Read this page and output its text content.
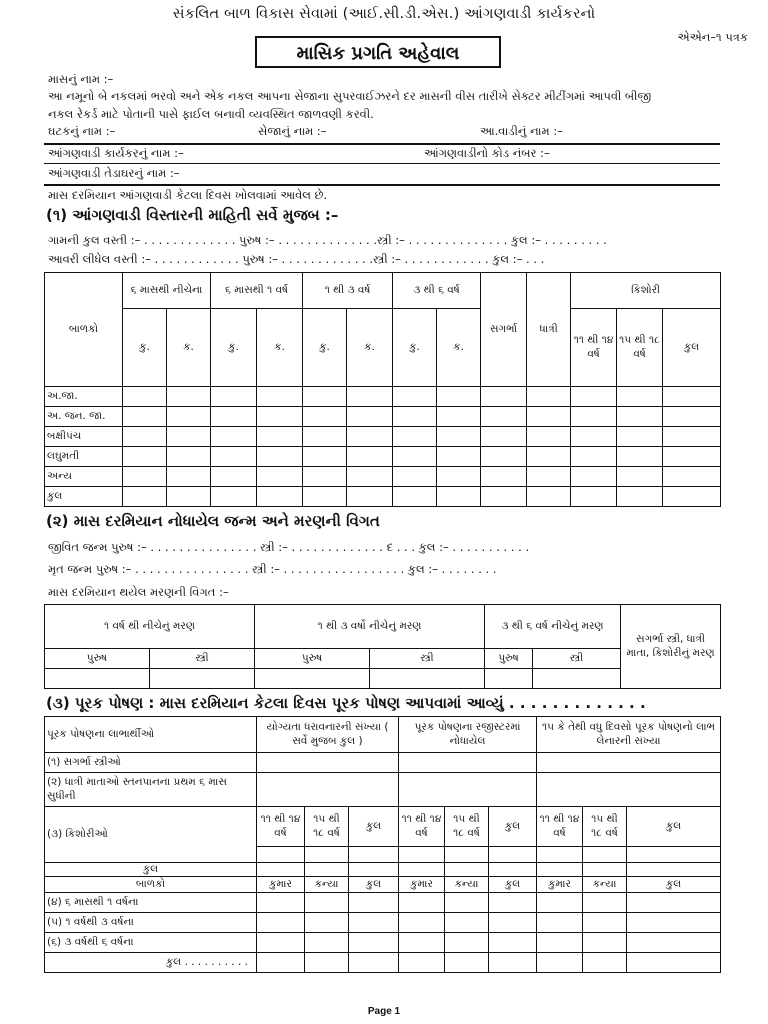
સંકલિત બાળ વિકાસ સેવામાં (આઈ.સી.ડી.એસ.) આંગણવાડી કાર્યકરનો
એએન–૧ પત્રક
માસિક પ્રગતિ અહેવાલ
માસનું નામ :–
આ નમૂનો બે નકલમાં ભરવો અને એક નકલ આપના સેજાના સુપરવાઈઝરને દર માસની વીસ તારીખે સેક્ટર મીટીંગમાં આપવી બીજી
નકલ રેકર્ડ માટે પોતાની પાસે ફાઈલ બનાવી વ્યવસ્થિત જાળવણી કરવી.
ઘટકનું નામ :–	સેજાનું નામ :–	આ.વાડીનું નામ :–
આંગણવાડી કાર્યકરનું નામ :–	આંગણવાડીનો કોડ નંબર :–
આંગણવાડી તેડાઘરનું નામ :–
માસ દરમિયાન આંગણવાડી કેટલા દિવસ ખોલવામાં આવેલ છે.
(૧) આંગણવાડી વિસ્તારની માહિતી સર્વે મુજબ :–
ગામની કુલ વસ્તી :– . . . . . . . . . . . . . પુરુષ :– . . . . . . . . . . . . . .સ્ત્રી :– . . . . . . . . . . . . . . કુલ :– . . . . . . . . .
આવરી લીધેલ વસ્તી :– . . . . . . . . . . . . પુરુષ :– . . . . . . . . . . . . .સ્ત્રી :– . . . . . . . . . . . . કુલ :– . . .
બાળકો	૬ માસથી નીચેના		૬ માસથી ૧ વર્ષ		૧ થી ૩ વર્ષ		૩ થી ૬ વર્ષ		સગર્ભા	ધાત્રી	કિશોરી		
	કુ.	ક.	કુ.	ક.	કુ.	ક.	કુ.	ક.			૧૧ થી ૧૪ વર્ષ	૧૫ થી ૧૮ વર્ષ	કુલ
અ.જા.													
અ. જન. જા.													
બક્ષીપંચ													
લઘુમતી													
અન્ય													
કુલ													
(૨) માસ દરમિયાન નોધાયેલ જન્મ અને મરણની વિગત
જીવિત જન્મ પુરુષ :– . . . . . . . . . . . . . . . સ્ત્રી :– . . . . . . . . . . . . . દ . . . કુલ :– . . . . . . . . . . .
મૃત જન્મ પુરુષ :– . . . . . . . . . . . . . . . . સ્ત્રી :– . . . . . . . . . . . . . . . . . કુલ :– . . . . . . . .
માસ દરમિયાન થયેલ મરણની વિગત :–
૧ વર્ષ થી નીચેનું મરણ		૧ થી ૩ વર્ષો નીચેનું મરણ		૩ થી ૬ વર્ષ નીચેનું મરણ		સગર્ભા સ્ત્રી, ધાત્રી માતા, કિશોરીનું મરણ
પુરુષ	સ્ત્રી	પુરુષ	સ્ત્રી	પુરુષ	સ્ત્રી	

(૩) પૂરક પોષણ : માસ દરમિયાન કેટલા દિવસ પૂરક પોષણ આપવામાં આવ્યું . . . . . . . . . . . . .
પૂરક પોષણના લાભાર્થીઓ	યોગ્યતા ધરાવનારની સંખ્યા ( સર્વે મુજબ કુલ )			પૂરક પોષણના રજીસ્ટરમાં નોધાયેલ			૧૫ કે તેથી વધુ દિવસો પૂરક પોષણનો લાભ લેનારની સંખ્યા		
(૧) સગર્ભા સ્ત્રીઓ									
(૨) ધાત્રી માતાઓ સ્તનપાનના પ્રથમ ૬ માસ સુધીની									
(૩) કિશોરીઓ	૧૧ થી ૧૪ વર્ષ	૧૫ થી ૧૮ વર્ષ	કુલ	૧૧ થી ૧૪ વર્ષ	૧૫ થી ૧૮ વર્ષ	કુલ	૧૧ થી ૧૪ વર્ષ	૧૫ થી ૧૮ વર્ષ	કુલ

કુલ									
બાળકો	કુમાર	કન્યા	કુલ	કુમાર	કન્યા	કુલ	કુમાર	કન્યા	કુલ
(૪) ૬ માસથી ૧ વર્ષના									
(૫) ૧ વર્ષથી ૩ વર્ષના									
(૬) ૩ વર્ષથી ૬ વર્ષના									
કુલ . . . . . . . . . .									
Page 1
